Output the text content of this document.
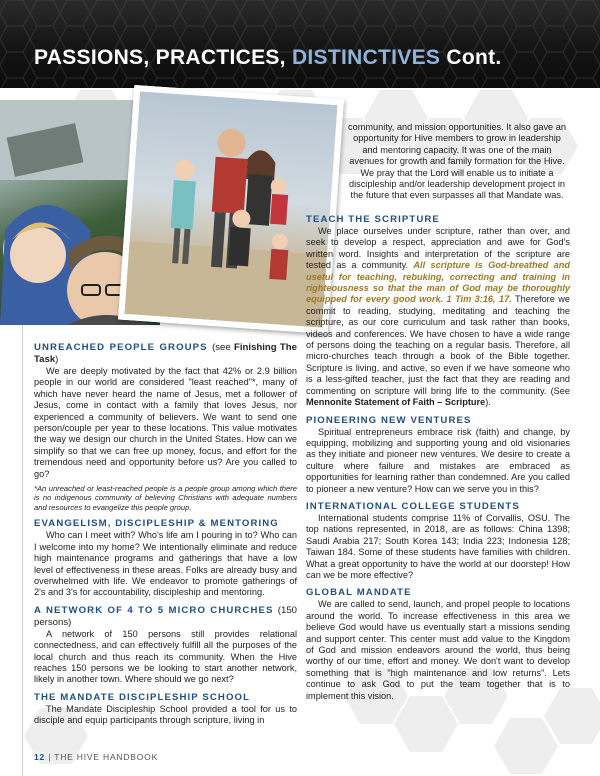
PASSIONS, PRACTICES, DISTINCTIVES Cont.

community, and mission opportunities. It also gave an opportunity for Hive members to grow in leadership and mentoring capacity. It was one of the main avenues for growth and family formation for the Hive. We pray that the Lord will enable us to initiate a discipleship and/or leadership development project in the future that even surpasses all that Mandate was.

TEACH THE SCRIPTURE

We place ourselves under scripture, rather than over, and seek to develop a respect, appreciation and awe for God's written word. Insights and interpretation of the scripture are tested as a community. All scripture is God-breathed and useful for teaching, rebuking, correcting and training in righteousness so that the man of God may be thoroughly equipped for every good work. 1 Tim 3:16, 17. Therefore we commit to reading, studying, meditating and teaching the scripture, as our core curriculum and task rather than books, videos and conferences. We have chosen to have a wide range of persons doing the teaching on a regular basis. Therefore, all micro-churches teach through a book of the Bible together. Scripture is living, and active, so even if we have someone who is a less-gifted teacher, just the fact that they are reading and commenting on scripture will bring life to the community. (See Mennonite Statement of Faith – Scripture).

PIONEERING NEW VENTURES

Spiritual entrepreneurs embrace risk (faith) and change, by equipping, mobilizing and supporting young and old visionaries as they initiate and pioneer new ventures. We desire to create a culture where failure and mistakes are embraced as opportunities for learning rather than condemned. Are you called to pioneer a new venture? How can we serve you in this?

INTERNATIONAL COLLEGE STUDENTS

International students comprise 11% of Corvallis, OSU. The top nations represented, in 2018, are as follows: China 1398; Saudi Arabia 217; South Korea 143; India 223; Indonesia 128; Taiwan 184. Some of these students have families with children. What a great opportunity to have the world at our doorstep! How can we be more effective?

GLOBAL MANDATE

We are called to send, launch, and propel people to locations around the world. To increase effectiveness in this area we believe God would have us eventually start a missions sending and support center. This center must add value to the Kingdom of God and mission endeavors around the world, thus being worthy of our time, effort and money. We don't want to develop something that is "high maintenance and low returns". Lets continue to ask God to put the team together that is to implement this vision.

UNREACHED PEOPLE GROUPS (see Finishing The Task)

We are deeply motivated by the fact that 42% or 2.9 billion people in our world are considered "least reached"*, many of which have never heard the name of Jesus, met a follower of Jesus, come in contact with a family that loves Jesus, nor experienced a community of believers. We want to send one person/couple per year to these locations. This value motivates the way we design our church in the United States. How can we simplify so that we can free up money, focus, and effort for the tremendous need and opportunity before us? Are you called to go?

*An unreached or least-reached people is a people group among which there is no indigenous community of believing Christians with adequate numbers and resources to evangelize this people group.

EVANGELISM, DISCIPLESHIP & MENTORING

Who can I meet with? Who's life am I pouring in to? Who can I welcome into my home? We intentionally eliminate and reduce high maintenance programs and gatherings that have a low level of effectiveness in these areas. Folks are already busy and overwhelmed with life. We endeavor to promote gatherings of 2's and 3's for accountability, discipleship and mentoring.

A NETWORK OF 4 TO 5 MICRO CHURCHES (150 persons)

A network of 150 persons still provides relational connectedness, and can effectively fulfill all the purposes of the local church and thus reach its community. When the Hive reaches 150 persons we be looking to start another network, likely in another town. Where should we go next?

THE MANDATE DISCIPLESHIP SCHOOL

The Mandate Discipleship School provided a tool for us to disciple and equip participants through scripture, living in

12 | THE HIVE HANDBOOK
